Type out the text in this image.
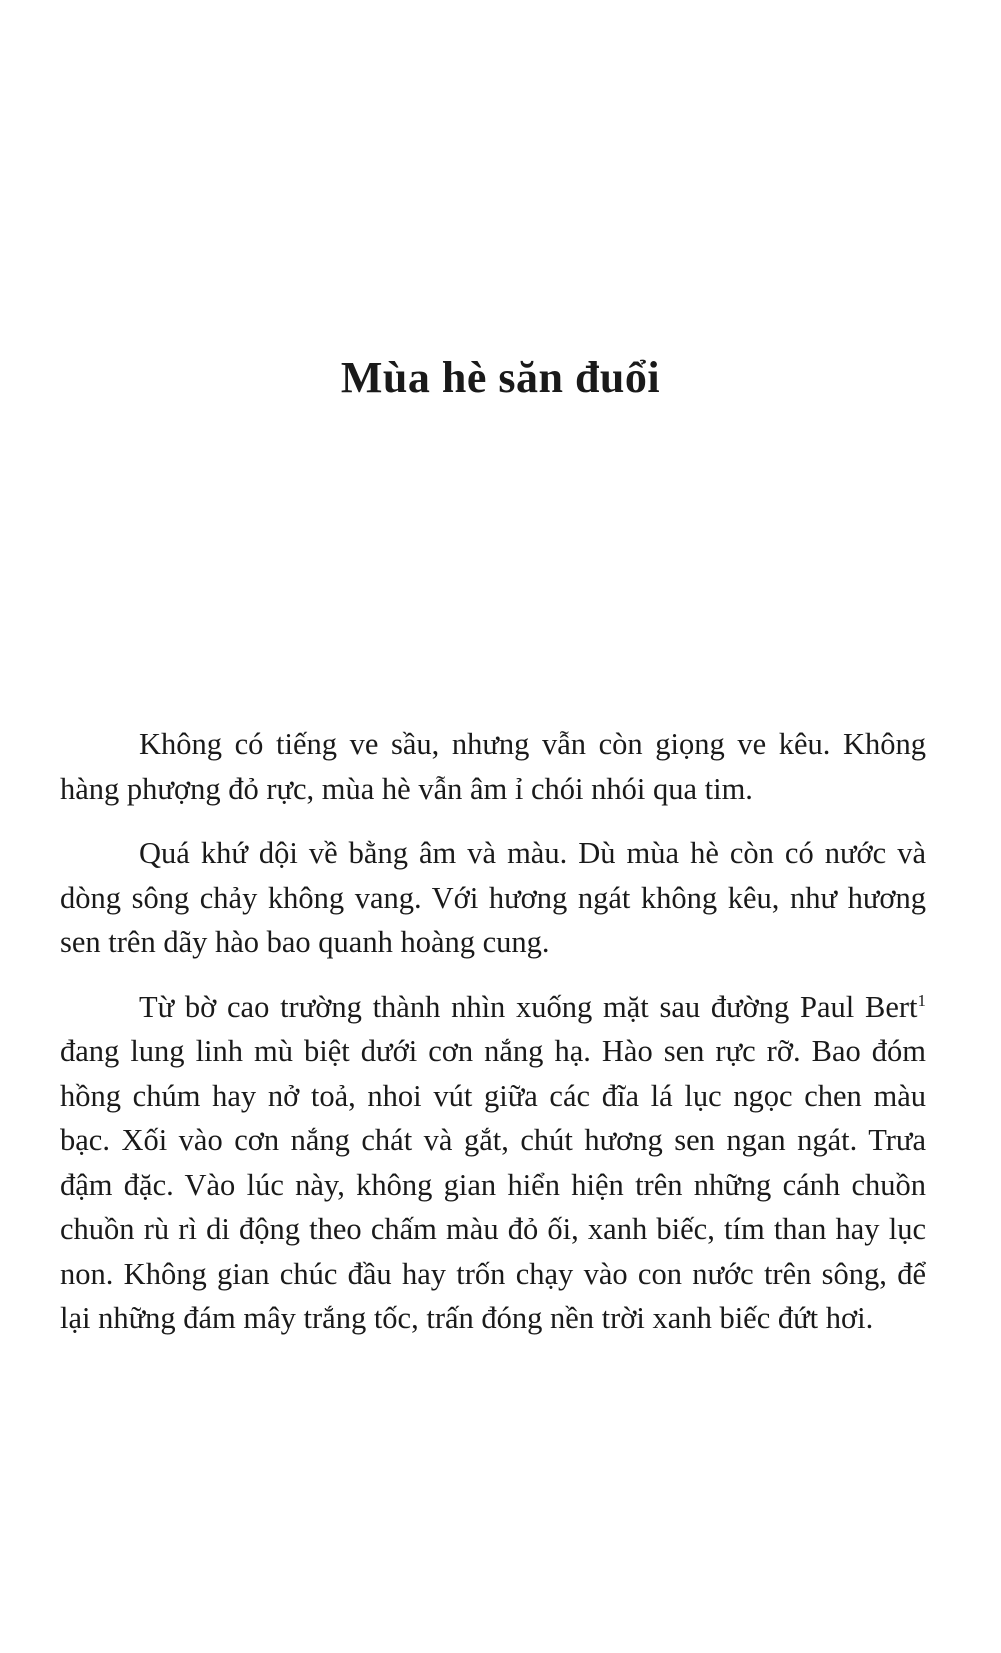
Mùa hè săn đuổi

Không có tiếng ve sầu, nhưng vẫn còn giọng ve kêu. Không hàng phượng đỏ rực, mùa hè vẫn âm ỉ chói nhói qua tim.

Quá khứ dội về bằng âm và màu. Dù mùa hè còn có nước và dòng sông chảy không vang. Với hương ngát không kêu, như hương sen trên dãy hào bao quanh hoàng cung.

Từ bờ cao trường thành nhìn xuống mặt sau đường Paul Bert$^1$ đang lung linh mù biệt dưới cơn nắng hạ. Hào sen rực rỡ. Bao đóm hồng chúm hay nở toả, nhoi vút giữa các đĩa lá lục ngọc chen màu bạc. Xối vào cơn nắng chát và gắt, chút hương sen ngan ngát. Trưa đậm đặc. Vào lúc này, không gian hiển hiện trên những cánh chuồn chuồn rù rì di động theo chấm màu đỏ ối, xanh biếc, tím than hay lục non. Không gian chúc đầu hay trốn chạy vào con nước trên sông, để lại những đám mây trắng tốc, trấn đóng nền trời xanh biếc đứt hơi.
